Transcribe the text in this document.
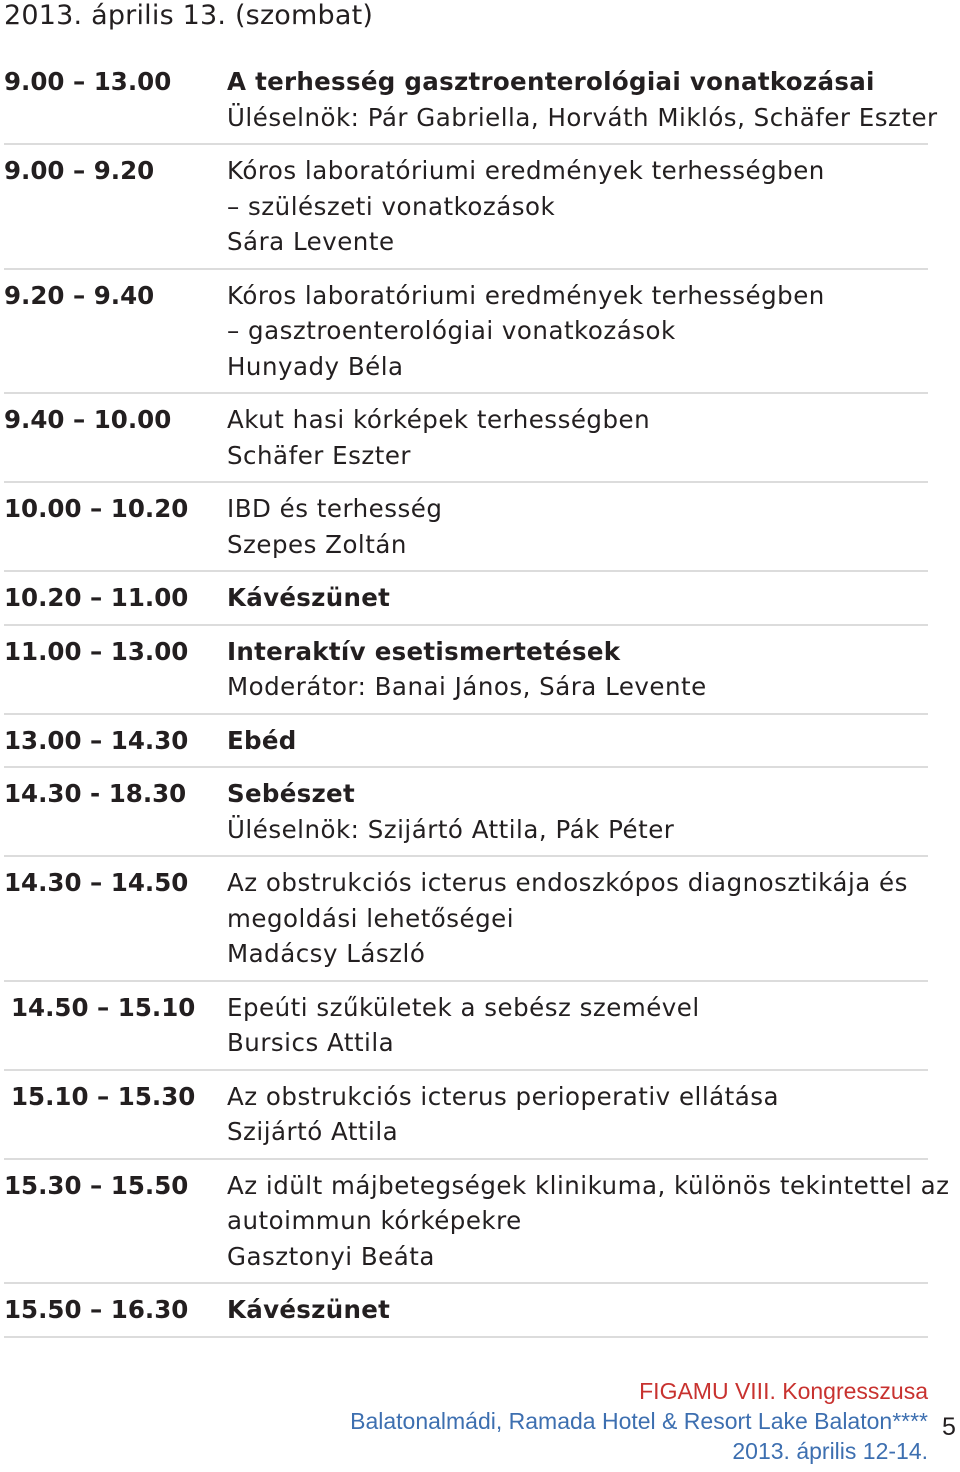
2013. április 13. (szombat)
9.00 – 13.00	A terhesség gasztroenterológiai vonatkozásai
Üléselnök: Pár Gabriella, Horváth Miklós, Schäfer Eszter
9.00 – 9.20	Kóros laboratóriumi eredmények terhességben
– szülészeti vonatkozások
Sára Levente
9.20 – 9.40	Kóros laboratóriumi eredmények terhességben
– gasztroenterológiai vonatkozások
Hunyady Béla
9.40 – 10.00	Akut hasi kórképek terhességben
Schäfer Eszter
10.00 – 10.20	IBD és terhesség
Szepes Zoltán
10.20 – 11.00	Kávészünet
11.00 – 13.00	Interaktív esetismertetések
Moderátor: Banai János, Sára Levente
13.00 – 14.30	Ebéd
14.30 - 18.30	Sebészet
Üléselnök: Szijártó Attila, Pák Péter
14.30 – 14.50	Az obstrukciós icterus endoszkópos diagnosztikája és
megoldási lehetőségei
Madácsy László
14.50 – 15.10	Epeúti szűkületek a sebész szemével
Bursics Attila
15.10 – 15.30	Az obstrukciós icterus perioperativ ellátása
Szijártó Attila
15.30 – 15.50	Az idült májbetegségek klinikuma, különös tekintettel az
autoimmun kórképekre
Gasztonyi Beáta
15.50 – 16.30	Kávészünet
FIGAMU VIII. Kongresszusa
Balatonalmádi, Ramada Hotel & Resort Lake Balaton****
2013. április 12-14.
5
